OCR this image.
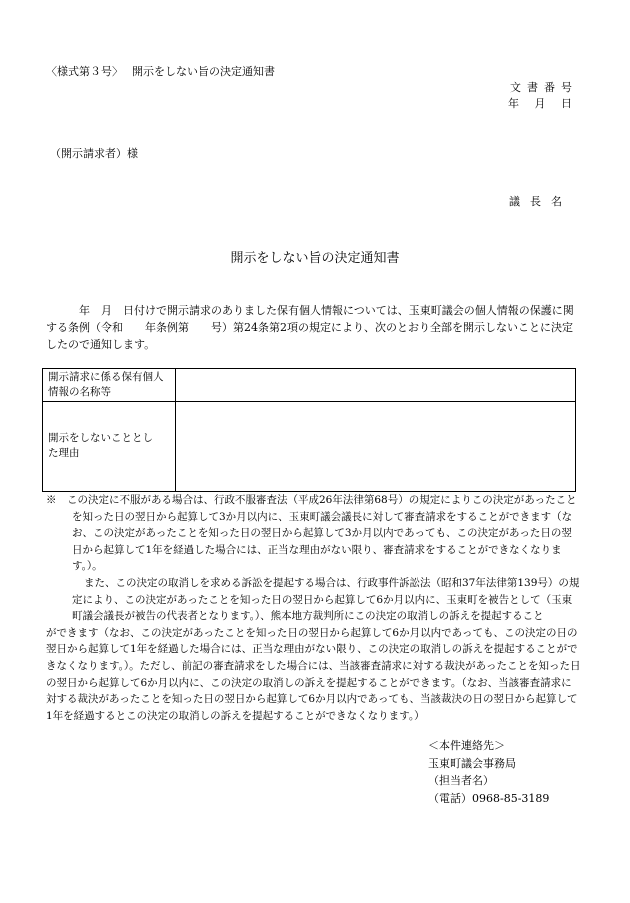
〈様式第３号〉　 開示をしない旨の決定通知書
文書番号
年 月 日
（開示請求者）様
議長名
開示をしない旨の決定通知書
　　　年　月　日付けで開示請求のありました保有個人情報については、玉東町議会の個人情報の保護に関する条例（令和　　年条例第　　号）第24条第2項の規定により、次のとおり全部を開示しないことに決定したので通知します。
開示請求に係る保有個人情報の名称等
開示をしないこととした理由

※　この決定に不服がある場合は、行政不服審査法（平成26年法律第68号）の規定によりこの決定があったことを知った日の翌日から起算して3か月以内に、玉東町議会議長に対して審査請求をすることができます（なお、この決定があったことを知った日の翌日から起算して3か月以内であっても、この決定があった日の翌日から起算して1年を経過した場合には、正当な理由がない限り、審査請求をすることができなくなります。）。

また、この決定の取消しを求める訴訟を提起する場合は、行政事件訴訟法（昭和37年法律第139号）の規定により、この決定があったことを知った日の翌日から起算して6か月以内に、玉東町を被告として（玉東町議会議長が被告の代表者となります。）、熊本地方裁判所にこの決定の取消しの訴えを提起すること

ができます（なお、この決定があったことを知った日の翌日から起算して6か月以内であっても、この決定の日の翌日から起算して1年を経過した場合には、正当な理由がない限り、この決定の取消しの訴えを提起することができなくなります。）。ただし、前記の審査請求をした場合には、当該審査請求に対する裁決があったことを知った日の翌日から起算して6か月以内に、この決定の取消しの訴えを提起することができます。（なお、当該審査請求に対する裁決があったことを知った日の翌日から起算して6か月以内であっても、当該裁決の日の翌日から起算して1年を経過するとこの決定の取消しの訴えを提起することができなくなります。）

＜本件連絡先＞
玉東町議会事務局
（担当者名）
（電話）0968-85-3189
